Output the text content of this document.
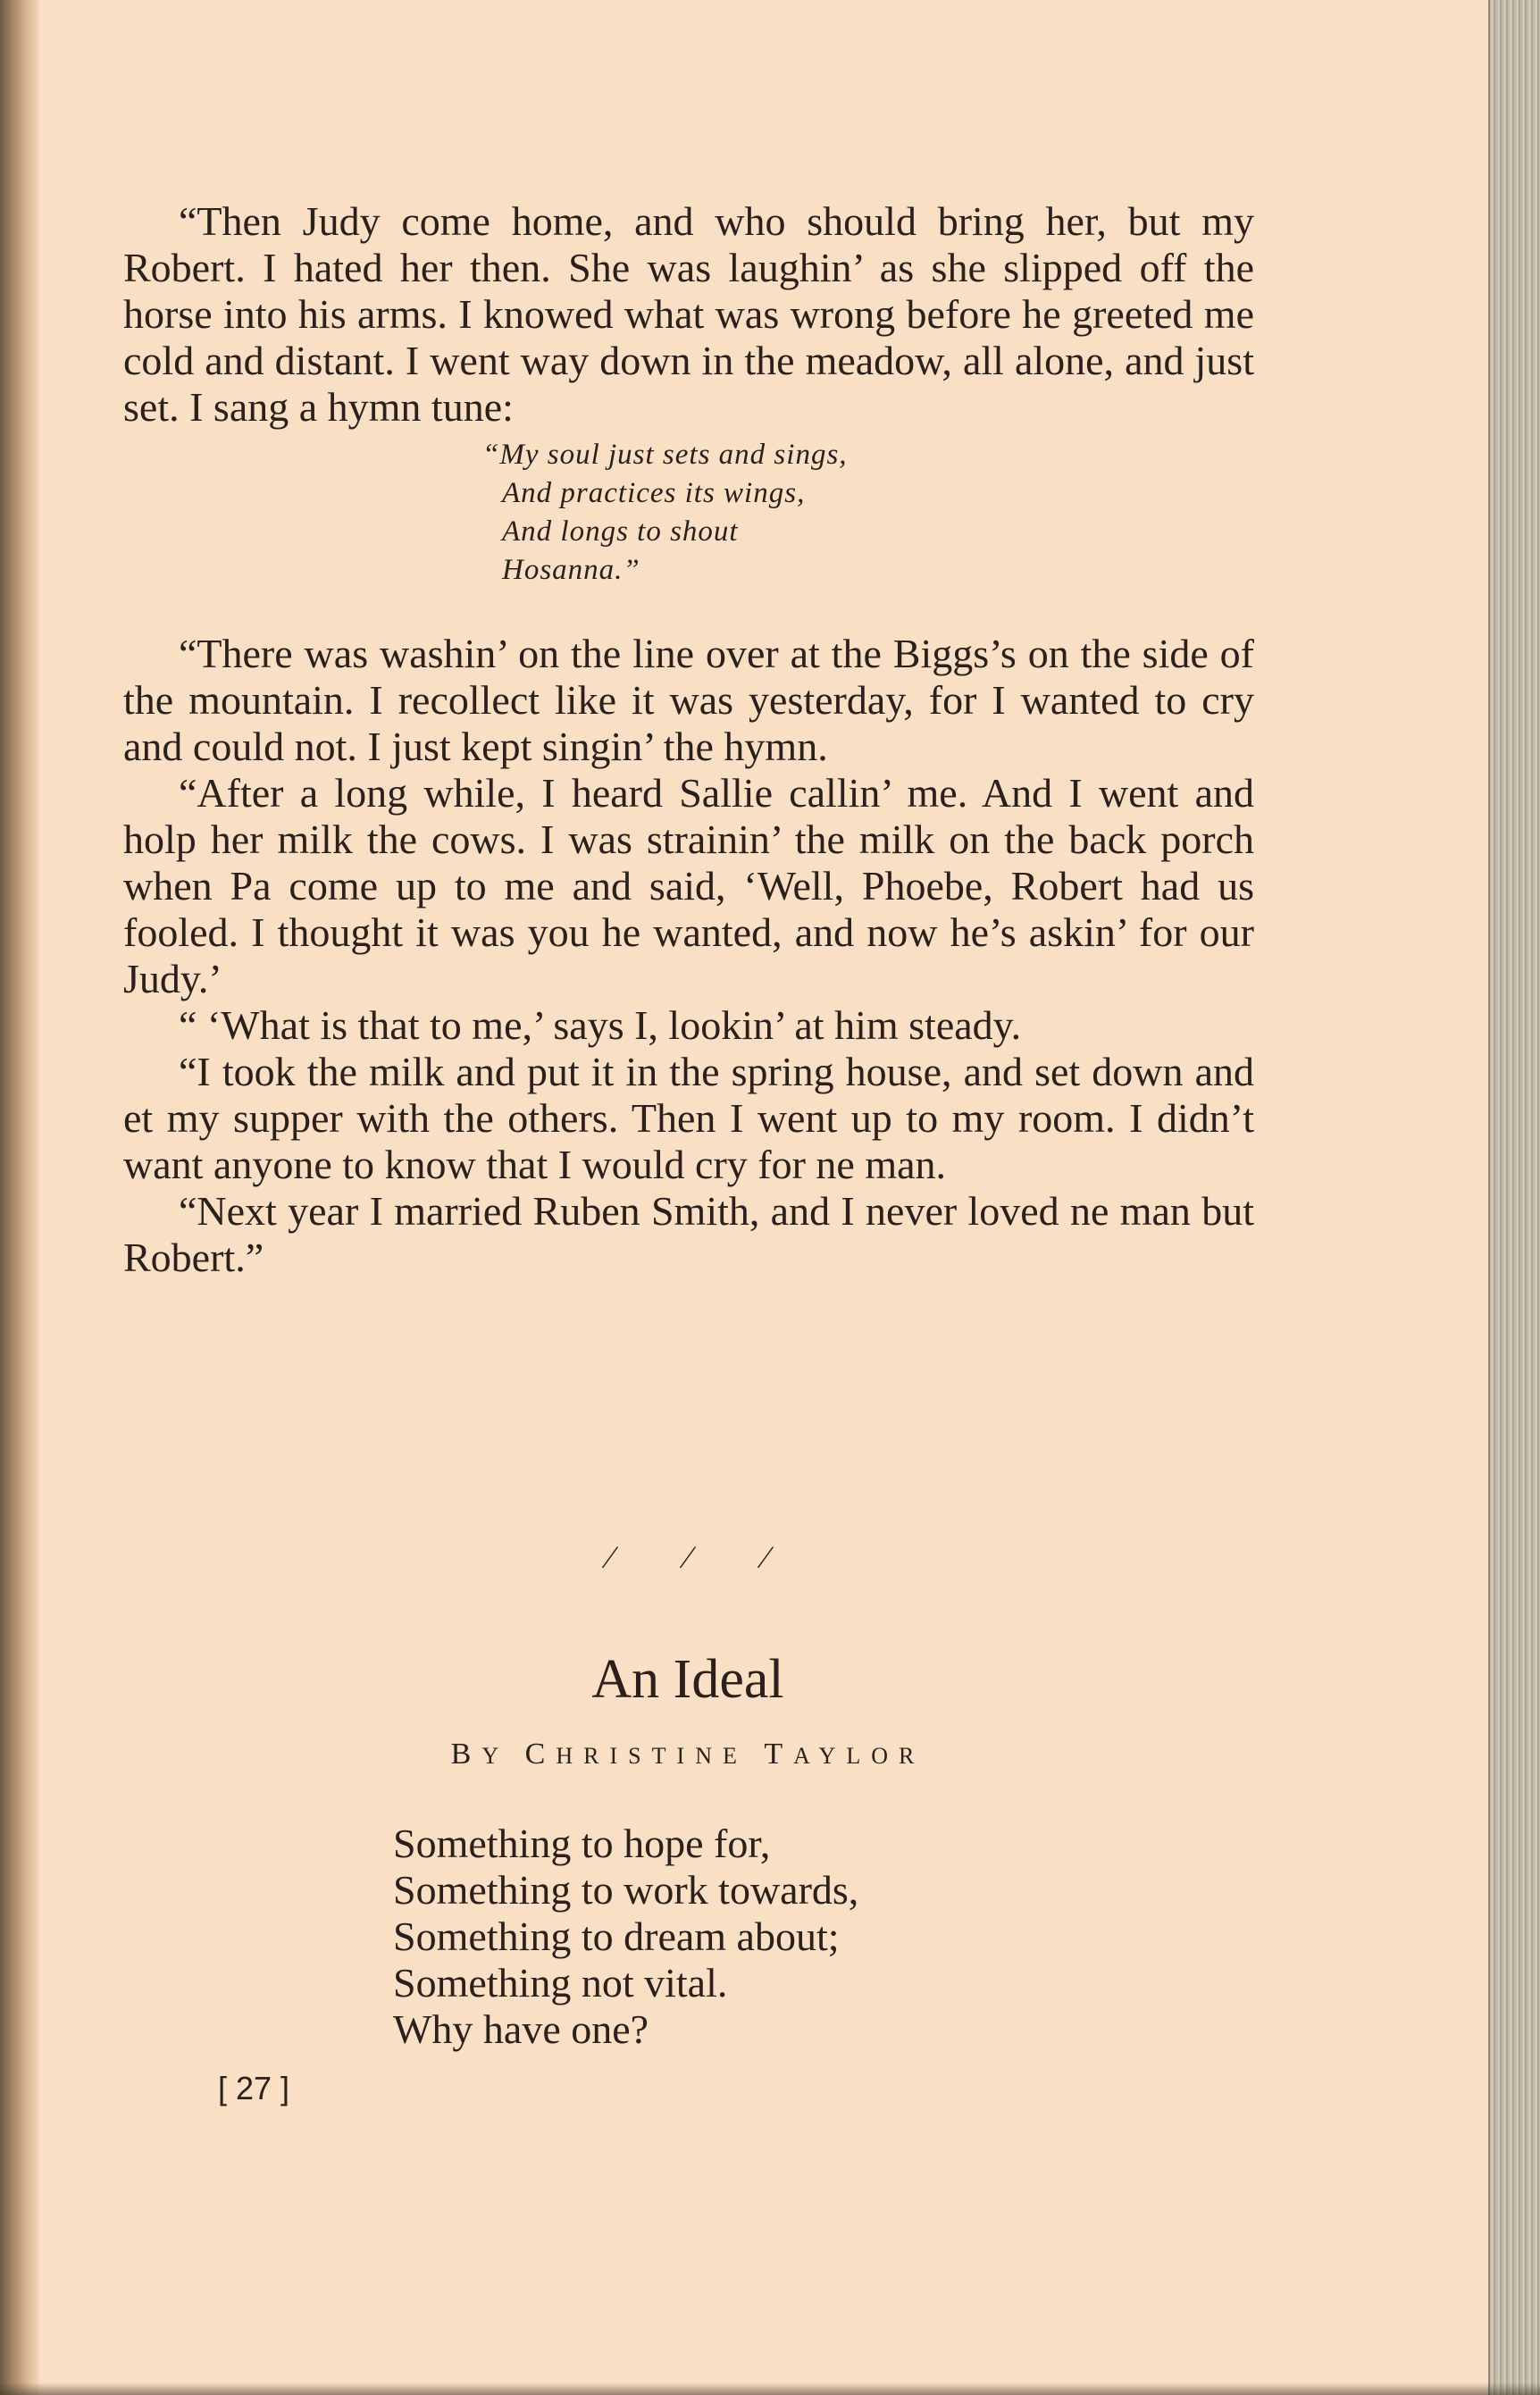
“Then Judy come home, and who should bring her, but my Robert. I hated her then. She was laughin’ as she slipped off the horse into his arms. I knowed what was wrong before he greeted me cold and distant. I went way down in the meadow, all alone, and just set. I sang a hymn tune:

“My soul just sets and sings,
And practices its wings,
And longs to shout
Hosanna.”

“There was washin’ on the line over at the Biggs’s on the side of the mountain. I recollect like it was yesterday, for I wanted to cry and could not. I just kept singin’ the hymn.

“After a long while, I heard Sallie callin’ me. And I went and holp her milk the cows. I was strainin’ the milk on the back porch when Pa come up to me and said, ‘Well, Phoebe, Robert had us fooled. I thought it was you he wanted, and now he’s askin’ for our Judy.’

“ ‘What is that to me,’ says I, lookin’ at him steady.

“I took the milk and put it in the spring house, and set down and et my supper with the others. Then I went up to my room. I didn’t want anyone to know that I would cry for ne man.

“Next year I married Ruben Smith, and I never loved ne man but Robert.”

⁄ ⁄ ⁄
An Ideal
BY CHRISTINE TAYLOR
Something to hope for,
Something to work towards,
Something to dream about;
Something not vital.
Why have one?
[ 27 ]
